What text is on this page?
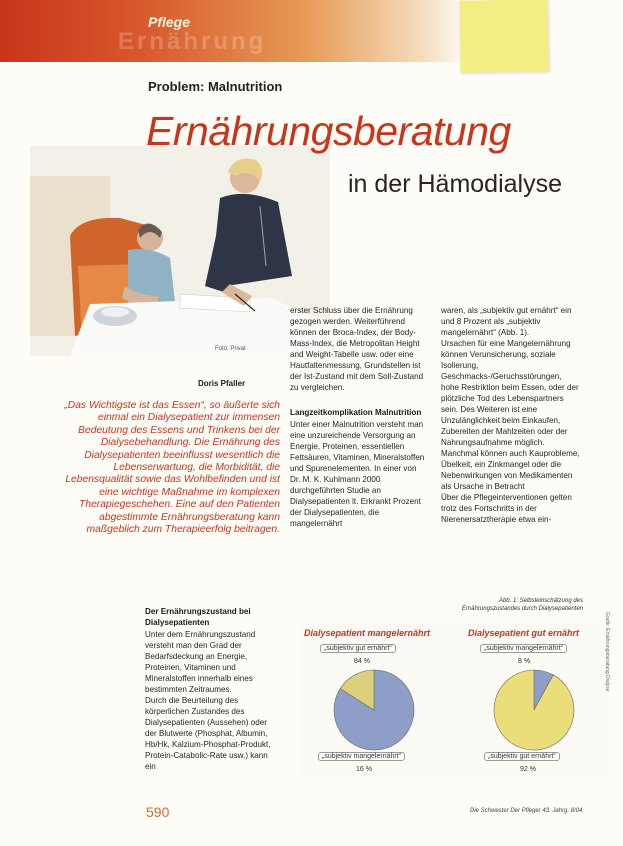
Ernährung
Pflege
Problem: Malnutrition
Foto: Privat
Ernährungsberatung
in der Hämodialyse
Doris Pfaller
„Das Wichtigste ist das Essen“, so äußerte sich einmal ein Dialysepatient zur immensen Bedeutung des Essens und Trinkens bei der Dialysebehandlung. Die Ernährung des Dialysepatienten beeinflusst wesentlich die Lebenserwartung, die Morbidität, die Lebensqualität sowie das Wohlbefinden und ist eine wichtige Maßnahme im komplexen Therapiegeschehen. Eine auf den Patienten abgestimmte Ernährungsberatung kann maßgeblich zum Therapieerfolg beitragen.

Der Ernährungszustand bei Dialysepatienten

Unter dem Ernährungszustand versteht man den Grad der Bedarfsdeckung an Energie, Proteinen, Vitaminen und Mineralstoffen innerhalb eines bestimmten Zeitraumes.

Durch die Beurteilung des körperlichen Zustandes des Dialysepatienten (Aussehen) oder der Blutwerte (Phosphat, Albumin, Hb/Hk, Kalzium-Phosphat-Produkt, Protein-Catabolic-Rate usw.) kann ein

erster Schluss über die Ernährung gezogen werden. Weiterführend können der Broca-Index, der Body-Mass-Index, die Metropolitan Height and Weight-Tabelle usw. oder eine Hautfaltenmessung, Grundstellen ist der Ist-Zustand mit dem Soll-Zustand zu vergleichen.

Langzeitkomplikation Malnutrition

Unter einer Malnutrition versteht man eine unzureichende Versorgung an Energie, Proteinen, essentiellen Fettsäuren, Vitaminen, Mineralstoffen und Spurenelementen. In einer von Dr. M. K. Kuhlmann 2000 durchgeführten Studie an Dialysepatienten lt. Erkrankt Prozent der Dialysepatienten, die mangelernährt

waren, als „subjektiv gut ernährt“ ein und 8 Prozent als „subjektiv mangelernährt“ (Abb. 1).

Ursachen für eine Mangelernährung können Verunsicherung, soziale Isolierung, Geschmacks-/Geruchsstörungen, hohe Restriktion beim Essen, oder der plötzliche Tod des Lebenspartners sein. Des Weiteren ist eine Unzulänglichkeit beim Einkaufen, Zubereiten der Mahlzeiten oder der Nahrungsaufnahme möglich. Manchmal können auch Kauprobleme, Übelkeit, ein Zinkmangel oder die Nebenwirkungen von Medikamenten als Ursache in Betracht

Über die Pflegeinterventionen gelten trotz des Fortschritts in der Nierenersatztherapie etwa ein-

Abb. 1: Selbsteinschätzung des Ernährungszustandes durch Dialysepatienten
Dialysepatient mangelernährt	Dialysepatient gut ernährt
„subjektiv gut ernährt“
84 %
„subjektiv mangelernährt“
16 %
„subjektiv mangelernährt“
8 %
„subjektiv gut ernährt“
92 %
Grafik: Ernährungsberatung Dialyse
590	Die Schwester Der Pfleger 43. Jahrg. 8/04
